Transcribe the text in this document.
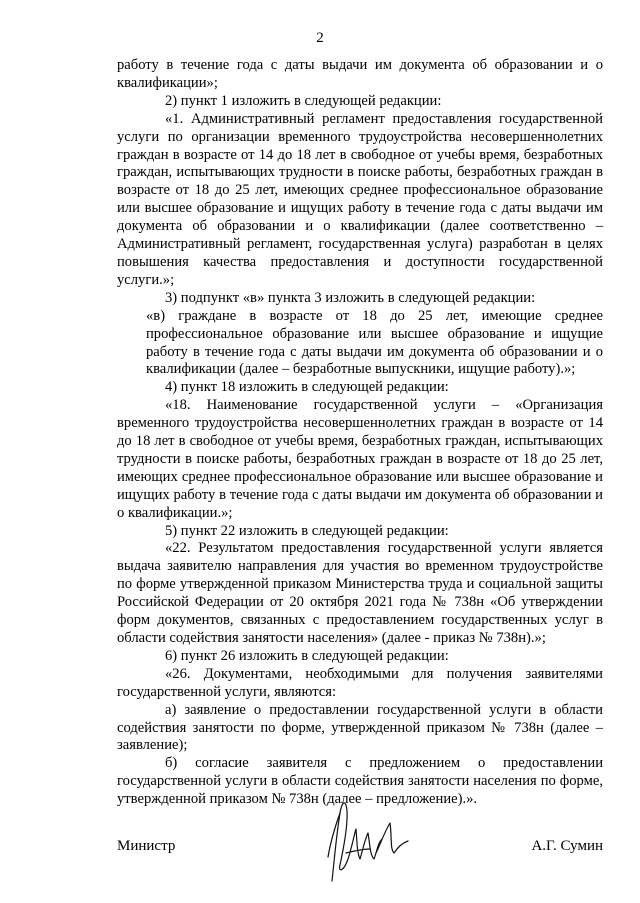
2

работу в течение года с даты выдачи им документа об образовании и о квалификации»;

2) пункт 1 изложить в следующей редакции:

«1. Административный регламент предоставления государственной услуги по организации временного трудоустройства несовершеннолетних граждан в возрасте от 14 до 18 лет в свободное от учебы время, безработных граждан, испытывающих трудности в поиске работы, безработных граждан в возрасте от 18 до 25 лет, имеющих среднее профессиональное образование или высшее образование и ищущих работу в течение года с даты выдачи им документа об образовании и о квалификации (далее соответственно – Административный регламент, государственная услуга) разработан в целях повышения качества предоставления и доступности государственной услуги.»;

3) подпункт «в» пункта 3 изложить в следующей редакции:

«в) граждане в возрасте от 18 до 25 лет, имеющие среднее профессиональное образование или высшее образование и ищущие работу в течение года с даты выдачи им документа об образовании и о квалификации (далее – безработные выпускники, ищущие работу).»;

4) пункт 18 изложить в следующей редакции:

«18. Наименование государственной услуги – «Организация временного трудоустройства несовершеннолетних граждан в возрасте от 14 до 18 лет в свободное от учебы время, безработных граждан, испытывающих трудности в поиске работы, безработных граждан в возрасте от 18 до 25 лет, имеющих среднее профессиональное образование или высшее образование и ищущих работу в течение года с даты выдачи им документа об образовании и о квалификации.»;

5) пункт 22 изложить в следующей редакции:

«22. Результатом предоставления государственной услуги является выдача заявителю направления для участия во временном трудоустройстве по форме утвержденной приказом Министерства труда и социальной защиты Российской Федерации от 20 октября 2021 года № 738н «Об утверждении форм документов, связанных с предоставлением государственных услуг в области содействия занятости населения» (далее - приказ № 738н).»;

6) пункт 26 изложить в следующей редакции:

«26. Документами, необходимыми для получения заявителями государственной услуги, являются:

а) заявление о предоставлении государственной услуги в области содействия занятости по форме, утвержденной приказом № 738н (далее – заявление);

б) согласие заявителя с предложением о предоставлении государственной услуги в области содействия занятости населения по форме, утвержденной приказом № 738н (далее – предложение).».

Министр	А.Г. Сумин
